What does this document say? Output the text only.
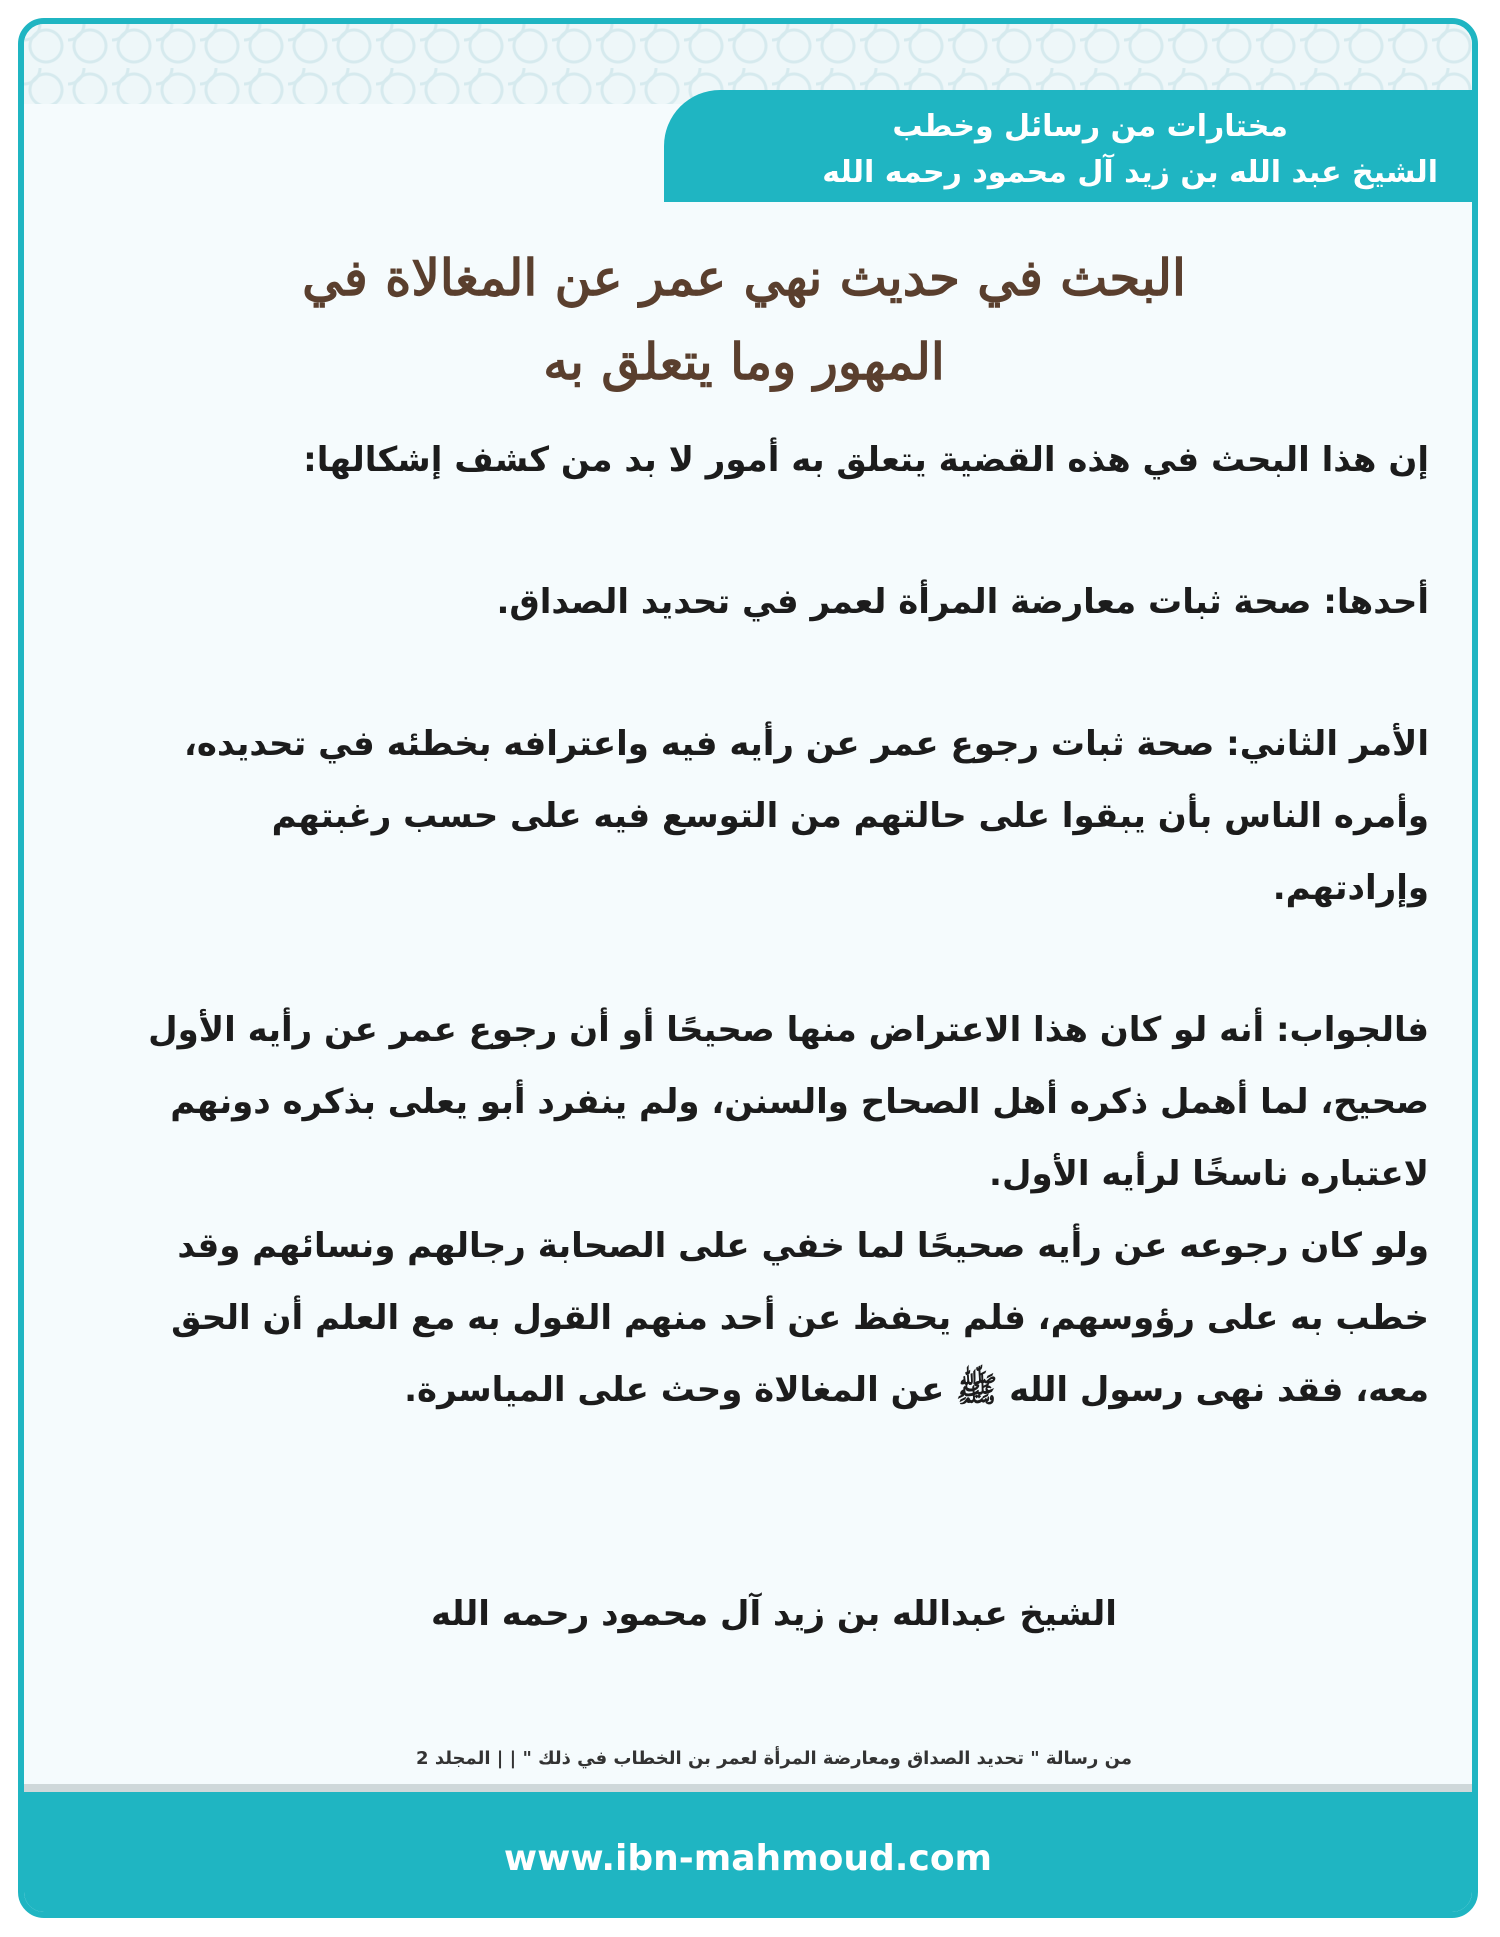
مختارات من رسائل وخطب
الشيخ عبد الله بن زيد آل محمود رحمه الله
البحث في حديث نهي عمر عن المغالاة في
المهور وما يتعلق به

إن هذا البحث في هذه القضية يتعلق به أمور لا بد من كشف إشكالها:

أحدها: صحة ثبات معارضة المرأة لعمر في تحديد الصداق.

الأمر الثاني: صحة ثبات رجوع عمر عن رأيه فيه واعترافه بخطئه في تحديده، وأمره الناس بأن يبقوا على حالتهم من التوسع فيه على حسب رغبتهم وإرادتهم.

فالجواب: أنه لو كان هذا الاعتراض منها صحيحًا أو أن رجوع عمر عن رأيه الأول صحيح، لما أهمل ذكره أهل الصحاح والسنن، ولم ينفرد أبو يعلى بذكره دونهم لاعتباره ناسخًا لرأيه الأول.

ولو كان رجوعه عن رأيه صحيحًا لما خفي على الصحابة رجالهم ونسائهم وقد خطب به على رؤوسهم، فلم يحفظ عن أحد منهم القول به مع العلم أن الحق معه، فقد نهى رسول الله ﷺ عن المغالاة وحث على المياسرة.

الشيخ عبدالله بن زيد آل محمود رحمه الله
من رسالة " تحديد الصداق ومعارضة المرأة لعمر بن الخطاب في ذلك " | | المجلد 2
www.ibn-mahmoud.com
